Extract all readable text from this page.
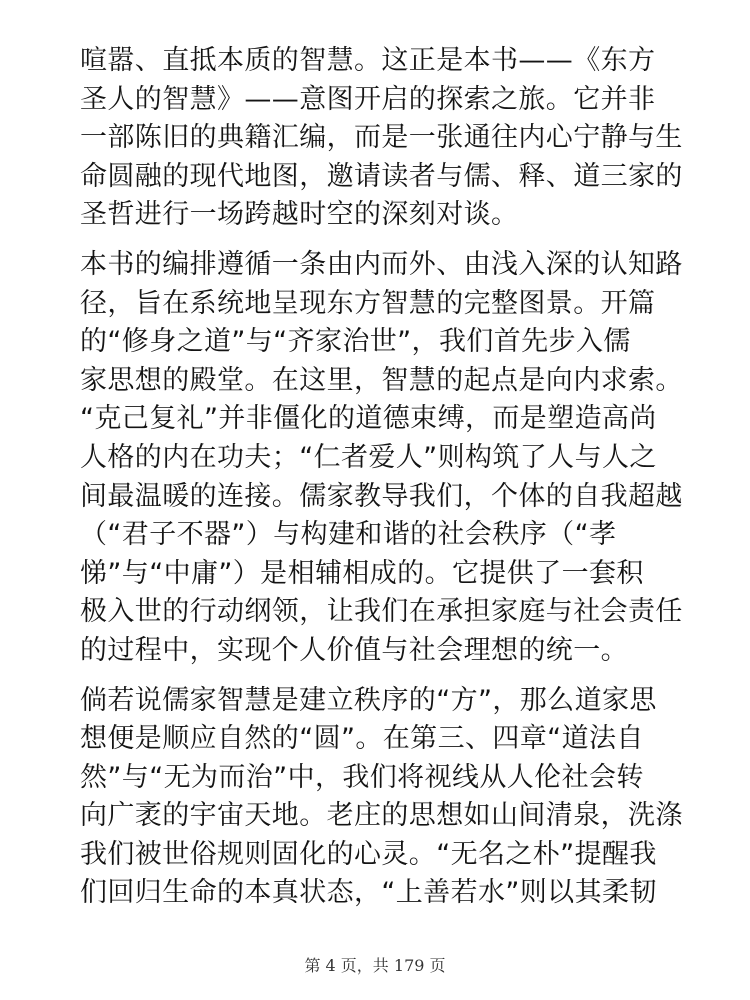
喧嚣、直抵本质的智慧。这正是本书——《东方
圣人的智慧》——意图开启的探索之旅。它并非
一部陈旧的典籍汇编，而是一张通往内心宁静与生
命圆融的现代地图，邀请读者与儒、释、道三家的
圣哲进行一场跨越时空的深刻对谈。
本书的编排遵循一条由内而外、由浅入深的认知路
径，旨在系统地呈现东方智慧的完整图景。开篇
的“修身之道”与“齐家治世”，我们首先步入儒
家思想的殿堂。在这里，智慧的起点是向内求索。
“克己复礼”并非僵化的道德束缚，而是塑造高尚
人格的内在功夫；“仁者爱人”则构筑了人与人之
间最温暖的连接。儒家教导我们，个体的自我超越
（“君子不器”）与构建和谐的社会秩序（“孝
悌”与“中庸”）是相辅相成的。它提供了一套积
极入世的行动纲领，让我们在承担家庭与社会责任
的过程中，实现个人价值与社会理想的统一。
倘若说儒家智慧是建立秩序的“方”，那么道家思
想便是顺应自然的“圆”。在第三、四章“道法自
然”与“无为而治”中，我们将视线从人伦社会转
向广袤的宇宙天地。老庄的思想如山间清泉，洗涤
我们被世俗规则固化的心灵。“无名之朴”提醒我
们回归生命的本真状态，“上善若水”则以其柔韧
第 4 页，共 179 页
